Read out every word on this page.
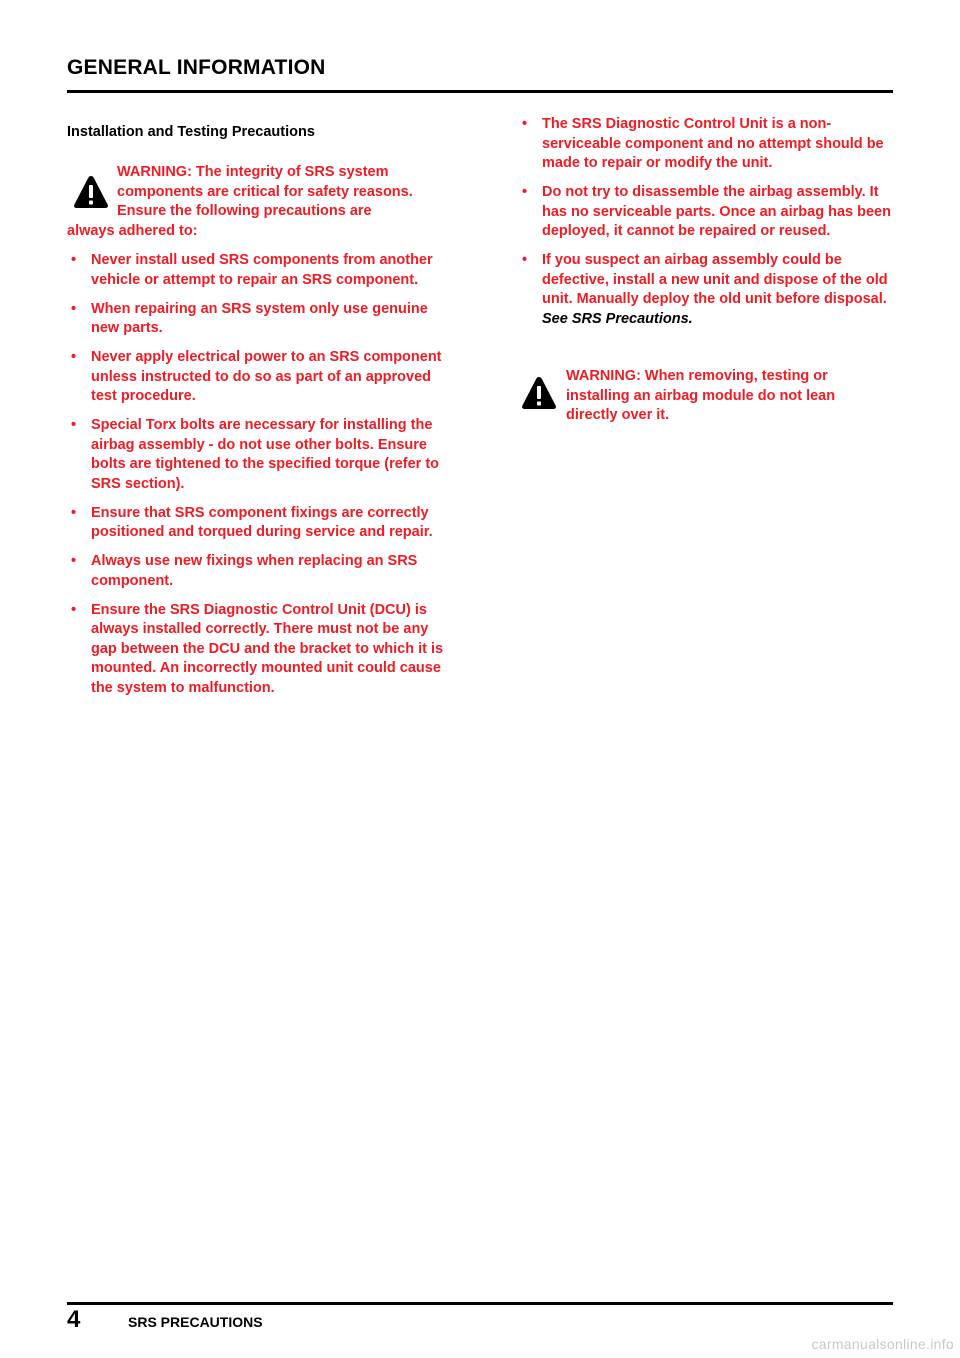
GENERAL INFORMATION
Installation and Testing Precautions
WARNING: The integrity of SRS system components are critical for safety reasons. Ensure the following precautions are
always adhered to:
• Never install used SRS components from another vehicle or attempt to repair an SRS component.
• When repairing an SRS system only use genuine new parts.
• Never apply electrical power to an SRS component unless instructed to do so as part of an approved test procedure.
• Special Torx bolts are necessary for installing the airbag assembly - do not use other bolts. Ensure bolts are tightened to the specified torque (refer to SRS section).
• Ensure that SRS component fixings are correctly positioned and torqued during service and repair.
• Always use new fixings when replacing an SRS component.
• Ensure the SRS Diagnostic Control Unit (DCU) is always installed correctly. There must not be any gap between the DCU and the bracket to which it is mounted. An incorrectly mounted unit could cause the system to malfunction.
• The SRS Diagnostic Control Unit is a non-serviceable component and no attempt should be made to repair or modify the unit.
• Do not try to disassemble the airbag assembly. It has no serviceable parts. Once an airbag has been deployed, it cannot be repaired or reused.
• If you suspect an airbag assembly could be defective, install a new unit and dispose of the old unit. Manually deploy the old unit before disposal. See SRS Precautions.
WARNING: When removing, testing or installing an airbag module do not lean directly over it.
4	SRS PRECAUTIONS
carmanualsonline.info
